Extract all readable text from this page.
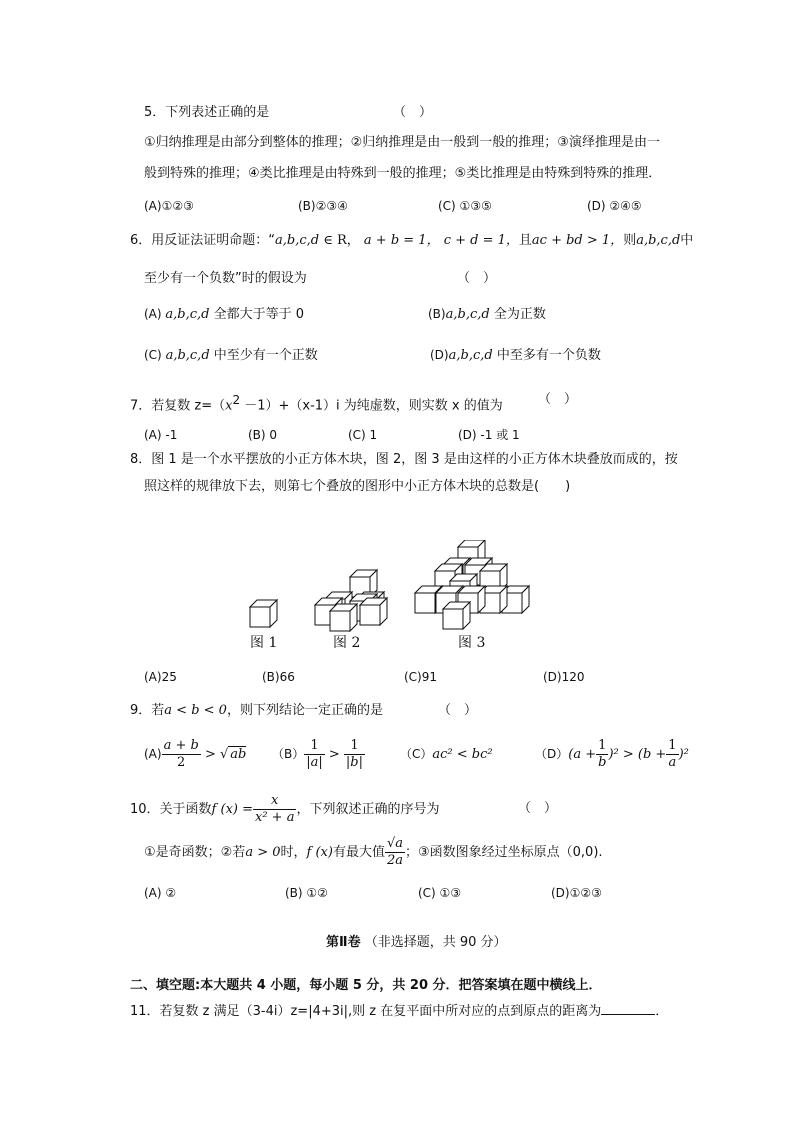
5．下列表述正确的是	（　）
①归纳推理是由部分到整体的推理；②归纳推理是由一般到一般的推理；③演绎推理是由一
般到特殊的推理；④类比推理是由特殊到一般的推理；⑤类比推理是由特殊到特殊的推理．
(A)①②③	(B)②③④	(C) ①③⑤	(D) ②④⑤
6．用反证法证明命题：“a,b,c,d ∈ R， a + b = 1， c + d = 1，且ac + bd > 1，则a,b,c,d中
至少有一个负数”时的假设为	（　）
(A) a,b,c,d 全都大于等于 0	(B)a,b,c,d 全为正数
(C) a,b,c,d 中至少有一个正数	(D)a,b,c,d 中至多有一个负数
7．若复数 $z=(x^2 -1)+(x-1)i$ 为纯虚数，则实数 x 的值为	（　）
(A) -1	(B) 0	(C) 1	(D) -1 或 1
8．图 1 是一个水平摆放的小正方体木块，图 2，图 3 是由这样的小正方体木块叠放而成的，按
照这样的规律放下去，则第七个叠放的图形中小正方体木块的总数是(　　)
图 1	图 2	图 3
(A)25	(B)66	(C)91	(D)120
9．若a < b < 0，则下列结论一定正确的是	（　）
$(A) \frac{a + b}{2}$ > √ ab $(B) \frac{1}{|a|} > \frac{1}{|b|}$	（C）ac² < bc²	$(D)(a + \frac{1}{b} )^2 > (b + \frac{1}{a} )^2$
10．关于函数f $(x) = \frac{x}{\text{x² + a}}$ ，下列叙述正确的序号为	（　）
①是奇函数；②若a > 0时，f (x)有最大值 $\frac{√a}{2a}$ ；③函数图象经过坐标原点（0,0).
(A) ②	(B) ①②	(C) ①③	(D)①②③
第Ⅱ卷 （非选择题，共 90 分）
二、填空题:本大题共 4 小题，每小题 5 分，共 20 分．把答案填在题中横线上．
11．若复数 z 满足（3-4i）z=|4+3i|,则 z 在复平面中所对应的点到原点的距离为	．
